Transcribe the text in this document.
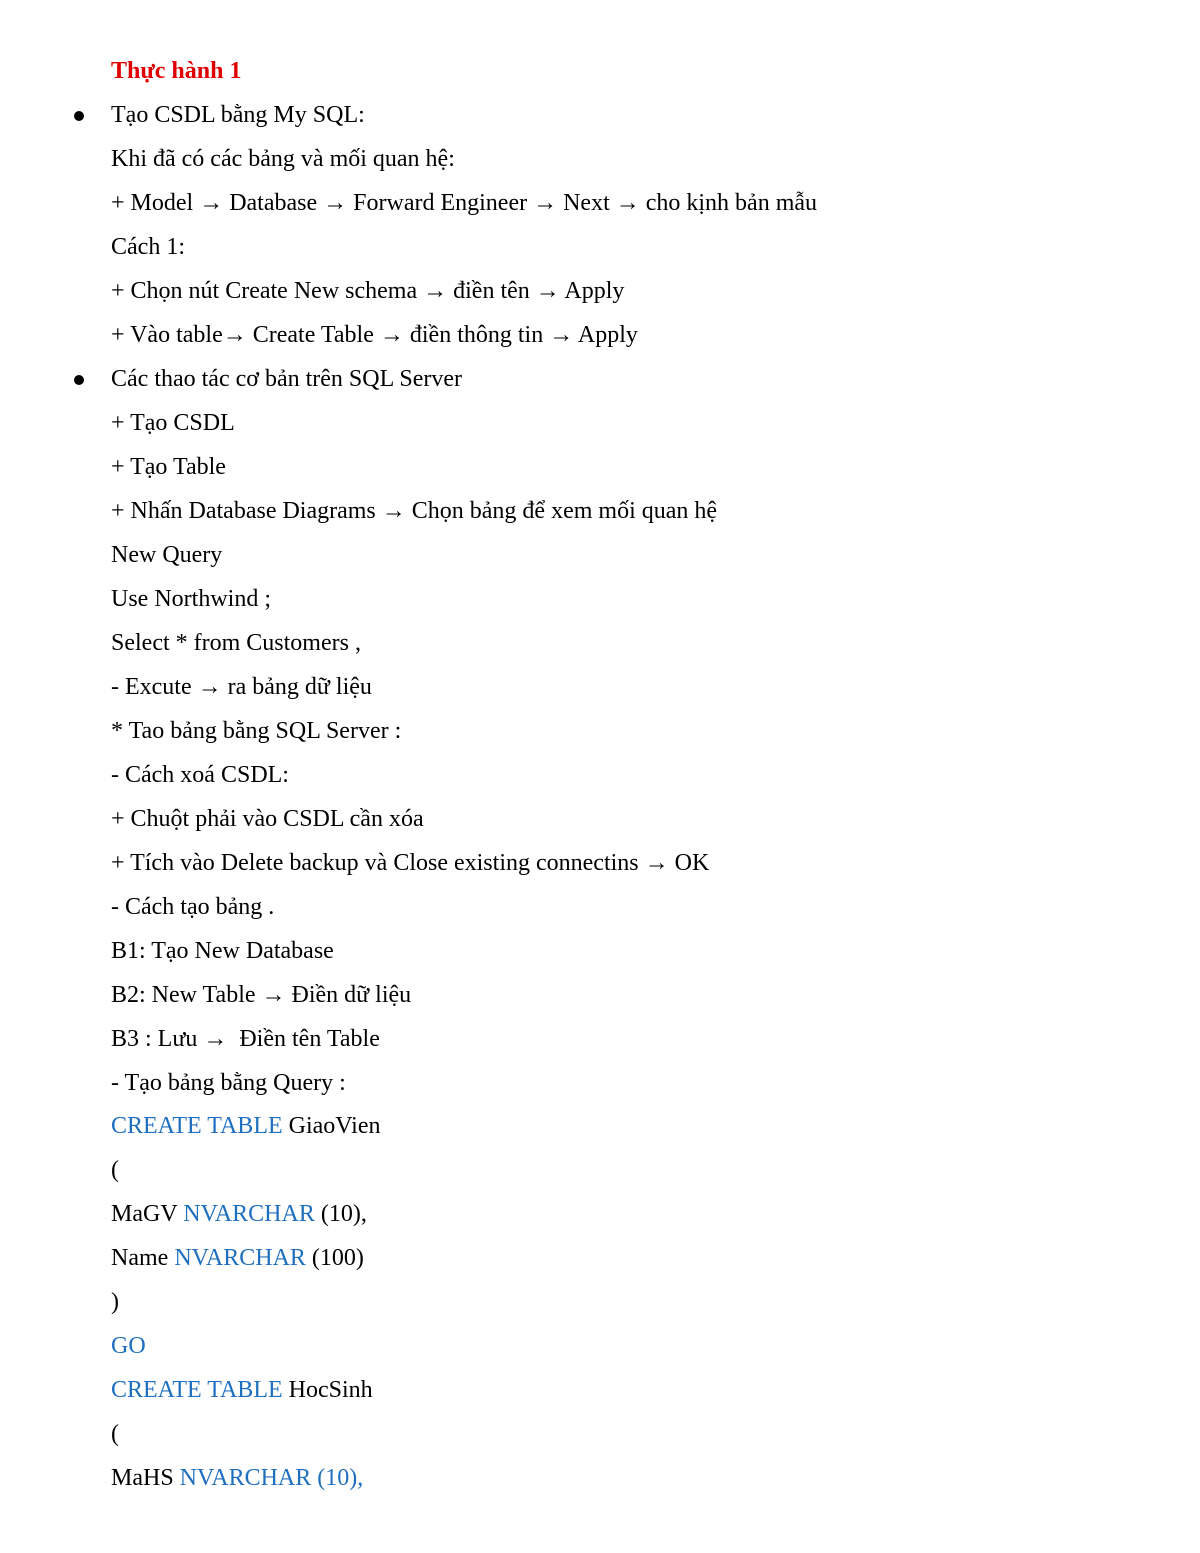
Thực hành 1
Tạo CSDL bằng My SQL:
Khi đã có các bảng và mối quan hệ:
+ Model → Database → Forward Engineer → Next → cho kịnh bản mẫu
Cách 1:
+ Chọn nút Create New schema → điền tên → Apply
+ Vào table→ Create Table → điền thông tin → Apply
Các thao tác cơ bản trên SQL Server
+ Tạo CSDL
+ Tạo Table
+ Nhấn Database Diagrams → Chọn bảng để xem mối quan hệ
New Query
Use Northwind ;
Select * from Customers ,
- Excute → ra bảng dữ liệu
* Tao bảng bằng SQL Server :
- Cách xoá CSDL:
+ Chuột phải vào CSDL cần xóa
+ Tích vào Delete backup và Close existing connectins → OK
- Cách tạo bảng .
B1: Tạo New Database
B2: New Table → Điền dữ liệu
B3 : Lưu →  Điền tên Table
- Tạo bảng bằng Query :
CREATE TABLE GiaoVien
(
MaGV NVARCHAR (10),
Name NVARCHAR (100)
)
GO
CREATE TABLE HocSinh
(
MaHS NVARCHAR (10),
